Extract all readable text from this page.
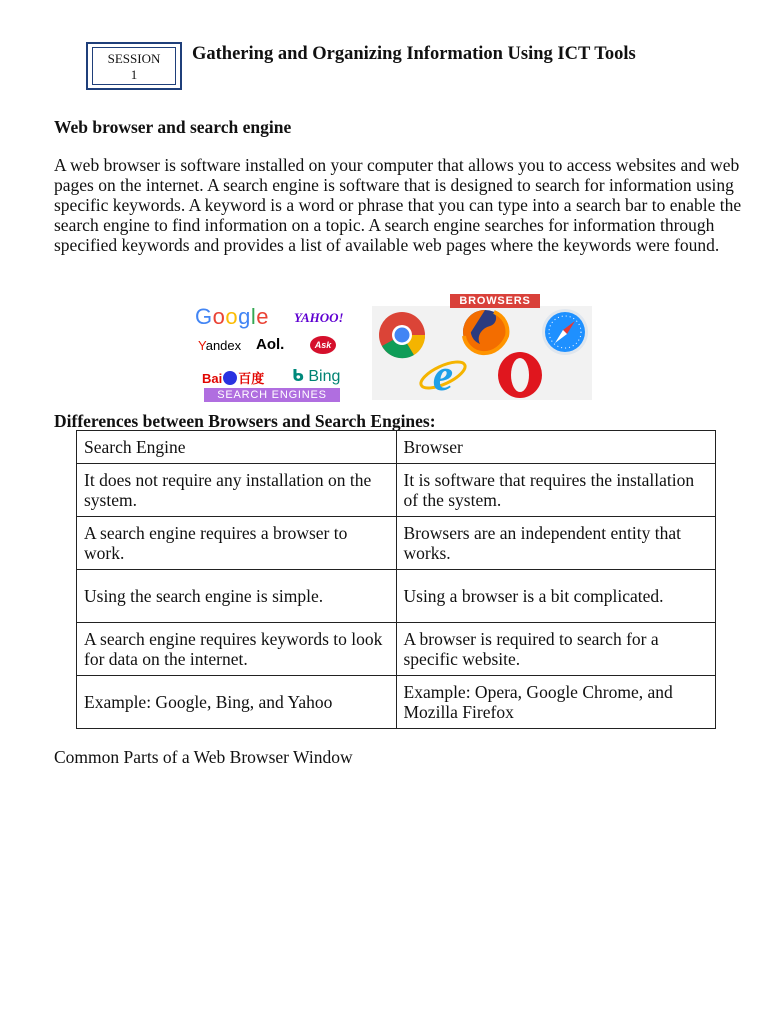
SESSION
1
Gathering and Organizing Information Using ICT Tools
Web browser and search engine

A web browser is software installed on your computer that allows you to access websites and web pages on the internet. A search engine is software that is designed to search for information using specific keywords. A keyword is a word or phrase that you can type into a search bar to enable the search engine to find information on a topic. A search engine searches for information through specified keywords and provides a list of available web pages where the keywords were found.

Google YAHOO!
Yandex Aol.	Ask
Bai 百度 ᑲ Bing
SEARCH ENGINES e
BROWSERS
Differences between Browsers and Search Engines:
Search Engine	Browser
It does not require any installation on the system.	It is software that requires the installation of the system.
A search engine requires a browser to work.	Browsers are an independent entity that works.
Using the search engine is simple.	Using a browser is a bit complicated.
A search engine requires keywords to look for data on the internet.	A browser is required to search for a specific website.
Example: Google, Bing, and Yahoo	Example: Opera, Google Chrome, and Mozilla Firefox
Common Parts of a Web Browser Window
